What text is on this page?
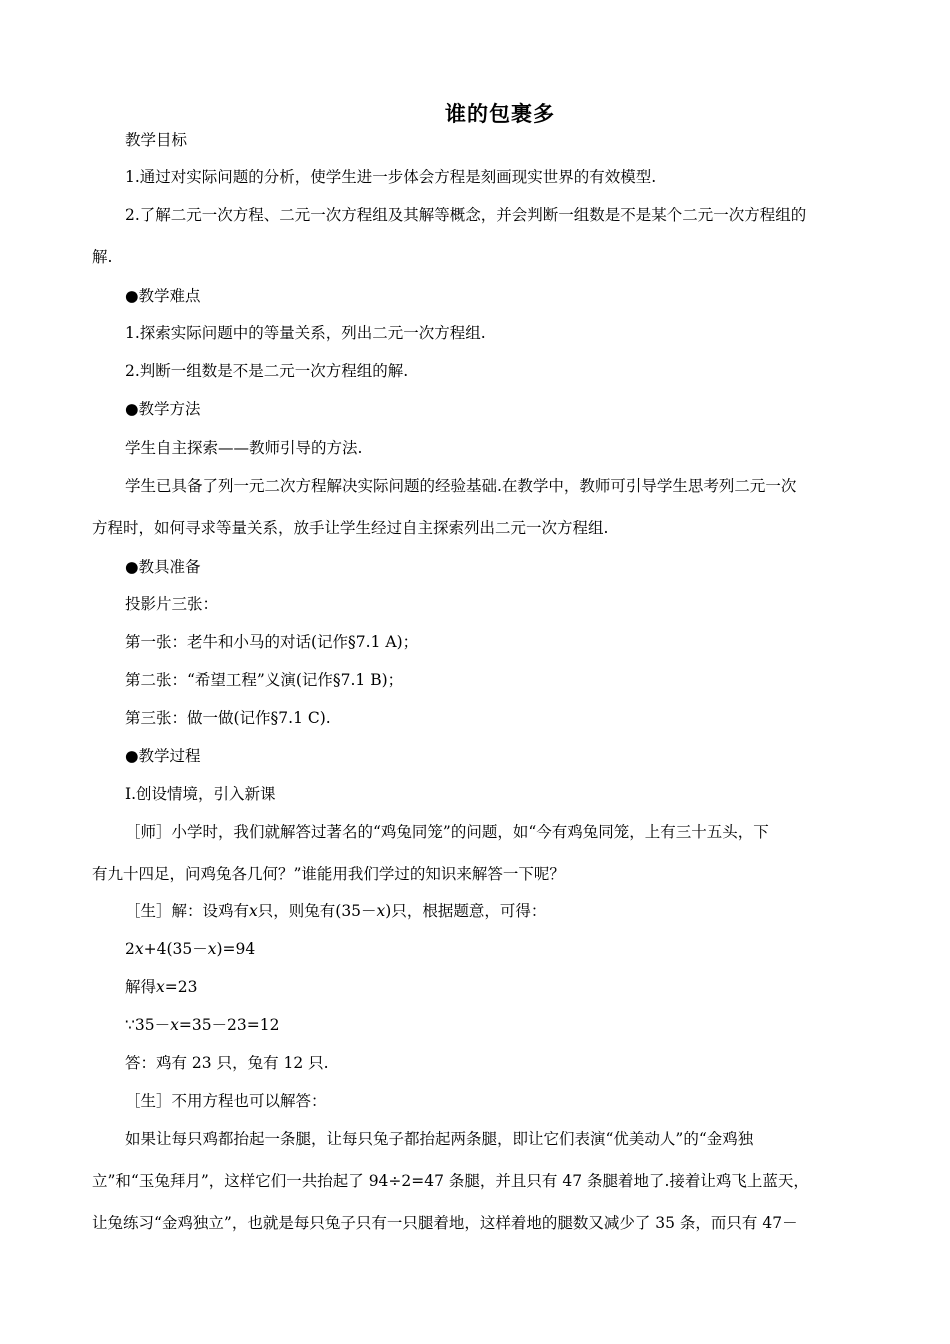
谁的包裹多
教学目标
1.通过对实际问题的分析，使学生进一步体会方程是刻画现实世界的有效模型.
2.了解二元一次方程、二元一次方程组及其解等概念，并会判断一组数是不是某个二元一次方程组的
解.
●教学难点
1.探索实际问题中的等量关系，列出二元一次方程组.
2.判断一组数是不是二元一次方程组的解.
●教学方法
学生自主探索——教师引导的方法.
学生已具备了列一元二次方程解决实际问题的经验基础.在教学中，教师可引导学生思考列二元一次
方程时，如何寻求等量关系，放手让学生经过自主探索列出二元一次方程组.
●教具准备
投影片三张：
第一张：老牛和小马的对话(记作§7.1 A)；
第二张：“希望工程”义演(记作§7.1 B)；
第三张：做一做(记作§7.1 C).
●教学过程
Ⅰ.创设情境，引入新课
［师］小学时，我们就解答过著名的“鸡兔同笼”的问题，如“今有鸡兔同笼，上有三十五头，下
有九十四足，问鸡兔各几何？”谁能用我们学过的知识来解答一下呢？
［生］解：设鸡有x只，则兔有(35－x)只，根据题意，可得：
2x+4(35－x)=94
解得x=23
∵35－x=35－23=12
答：鸡有 23 只，兔有 12 只.
［生］不用方程也可以解答：
如果让每只鸡都抬起一条腿，让每只兔子都抬起两条腿，即让它们表演“优美动人”的“金鸡独
立”和“玉兔拜月”，这样它们一共抬起了 94÷2=47 条腿，并且只有 47 条腿着地了.接着让鸡飞上蓝天，
让兔练习“金鸡独立”，也就是每只兔子只有一只腿着地，这样着地的腿数又减少了 35 条，而只有 47－
